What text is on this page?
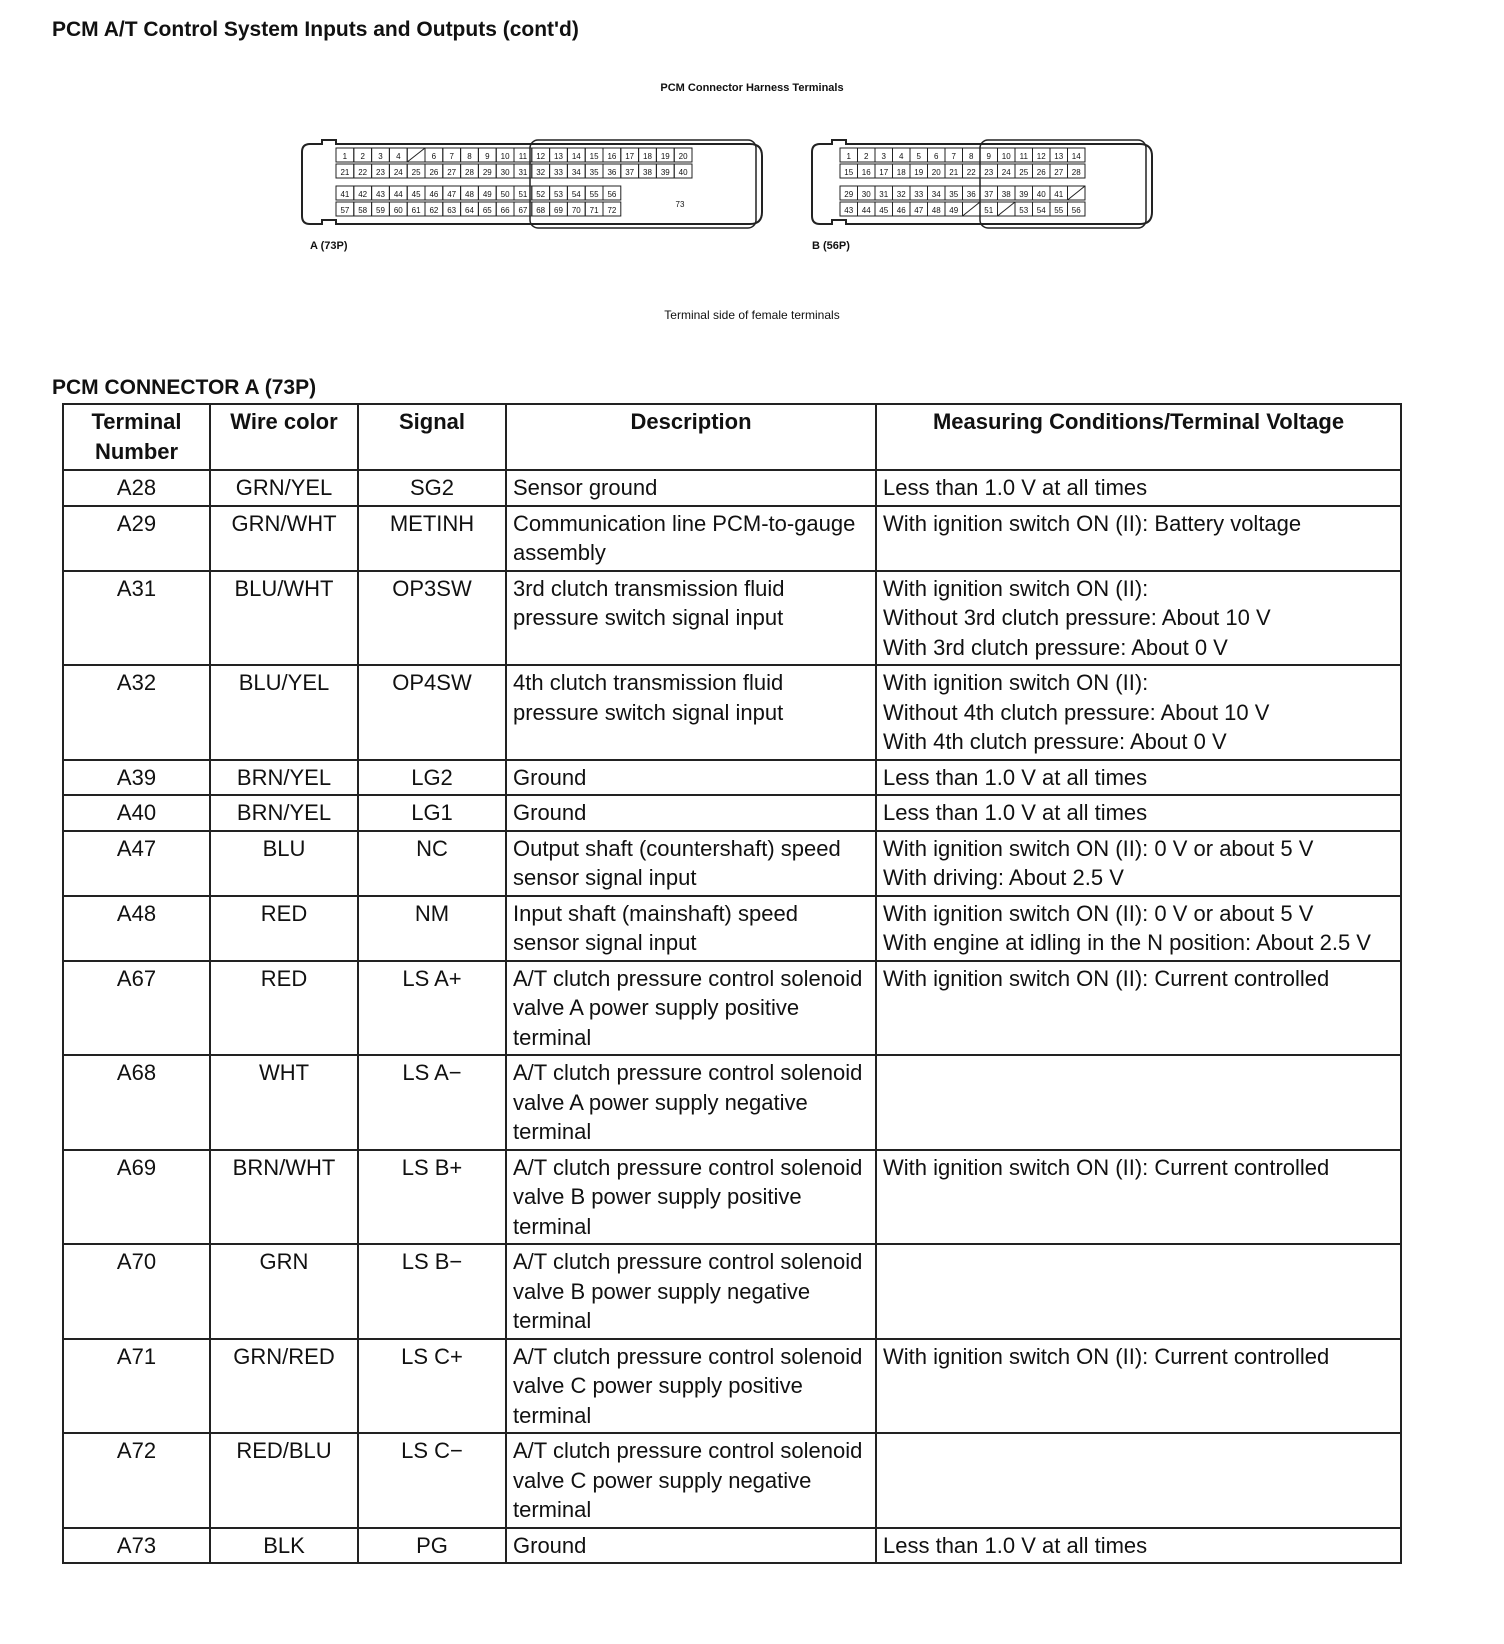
PCM A/T Control System Inputs and Outputs (cont'd)
PCM Connector Harness Terminals
1 2 3 4	6 7 8 9 10 11 12 13 14 15 16 17 18 19 20
21 22 23 24 25 26 27 28 29 30 31 32 33 34 35 36 37 38 39 40
41 42 43 44 45 46 47 48 49 50 51 52 53 54 55 56
57 58 59 60 61 62 63 64 65 66 67 68 69 70 71 72
73
A (73P)
1 2 3 4 5 6 7 8 9 10 11 12 13 14
15 16 17 18 19 20 21 22 23 24 25 26 27 28
29 30 31 32 33 34 35 36 37 38 39 40 41
43 44 45 46 47 48 49	51	53 54 55 56
B (56P)
Terminal side of female terminals
PCM CONNECTOR A (73P)
Terminal Number	Wire color	Signal	Description	Measuring Conditions/Terminal Voltage
A28	GRN/YEL	SG2	Sensor ground	Less than 1.0 V at all times
A29	GRN/WHT	METINH	Communication line PCM-to-gauge assembly	With ignition switch ON (II): Battery voltage
A31	BLU/WHT	OP3SW	3rd clutch transmission fluid pressure switch signal input	With ignition switch ON (II):
Without 3rd clutch pressure: About 10 V
With 3rd clutch pressure: About 0 V
A32	BLU/YEL	OP4SW	4th clutch transmission fluid pressure switch signal input	With ignition switch ON (II):
Without 4th clutch pressure: About 10 V
With 4th clutch pressure: About 0 V
A39	BRN/YEL	LG2	Ground	Less than 1.0 V at all times
A40	BRN/YEL	LG1	Ground	Less than 1.0 V at all times
A47	BLU	NC	Output shaft (countershaft) speed sensor signal input	With ignition switch ON (II): 0 V or about 5 V
With driving: About 2.5 V
A48	RED	NM	Input shaft (mainshaft) speed sensor signal input	With ignition switch ON (II): 0 V or about 5 V
With engine at idling in the N position: About 2.5 V
A67	RED	LS A+	A/T clutch pressure control solenoid valve A power supply positive terminal	With ignition switch ON (II): Current controlled
A68	WHT	LS A−	A/T clutch pressure control solenoid valve A power supply negative terminal	
A69	BRN/WHT	LS B+	A/T clutch pressure control solenoid valve B power supply positive terminal	With ignition switch ON (II): Current controlled
A70	GRN	LS B−	A/T clutch pressure control solenoid valve B power supply negative terminal	
A71	GRN/RED	LS C+	A/T clutch pressure control solenoid valve C power supply positive terminal	With ignition switch ON (II): Current controlled
A72	RED/BLU	LS C−	A/T clutch pressure control solenoid valve C power supply negative terminal	
A73	BLK	PG	Ground	Less than 1.0 V at all times
